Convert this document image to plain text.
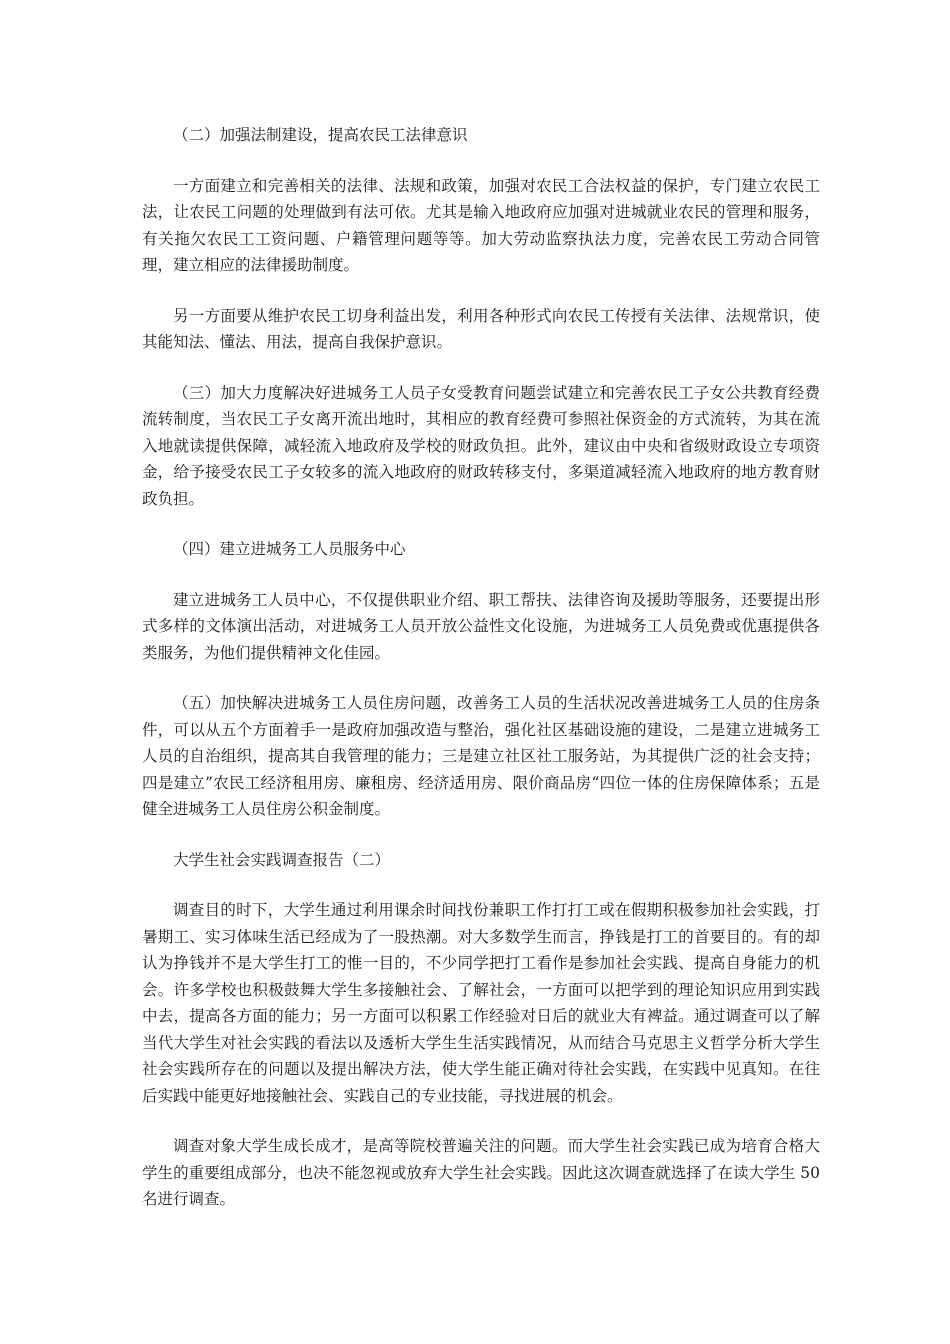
（二）加强法制建设，提高农民工法律意识

一方面建立和完善相关的法律、法规和政策，加强对农民工合法权益的保护，专门建立农民工法，让农民工问题的处理做到有法可依。尤其是输入地政府应加强对进城就业农民的管理和服务，有关拖欠农民工工资问题、户籍管理问题等等。加大劳动监察执法力度，完善农民工劳动合同管理，建立相应的法律援助制度。

另一方面要从维护农民工切身利益出发，利用各种形式向农民工传授有关法律、法规常识，使其能知法、懂法、用法，提高自我保护意识。

（三）加大力度解决好进城务工人员子女受教育问题尝试建立和完善农民工子女公共教育经费流转制度，当农民工子女离开流出地时，其相应的教育经费可参照社保资金的方式流转，为其在流入地就读提供保障，减轻流入地政府及学校的财政负担。此外，建议由中央和省级财政设立专项资金，给予接受农民工子女较多的流入地政府的财政转移支付，多渠道减轻流入地政府的地方教育财政负担。

（四）建立进城务工人员服务中心

建立进城务工人员中心，不仅提供职业介绍、职工帮扶、法律咨询及援助等服务，还要提出形式多样的文体演出活动，对进城务工人员开放公益性文化设施，为进城务工人员免费或优惠提供各类服务，为他们提供精神文化佳园。

（五）加快解决进城务工人员住房问题，改善务工人员的生活状况改善进城务工人员的住房条件，可以从五个方面着手一是政府加强改造与整治，强化社区基础设施的建设，二是建立进城务工人员的自治组织，提高其自我管理的能力；三是建立社区社工服务站，为其提供广泛的社会支持；四是建立”农民工经济租用房、廉租房、经济适用房、限价商品房“四位一体的住房保障体系；五是健全进城务工人员住房公积金制度。

大学生社会实践调查报告（二）

调查目的时下，大学生通过利用课余时间找份兼职工作打打工或在假期积极参加社会实践，打暑期工、实习体味生活已经成为了一股热潮。对大多数学生而言，挣钱是打工的首要目的。有的却认为挣钱并不是大学生打工的惟一目的，不少同学把打工看作是参加社会实践、提高自身能力的机会。许多学校也积极鼓舞大学生多接触社会、了解社会，一方面可以把学到的理论知识应用到实践中去，提高各方面的能力；另一方面可以积累工作经验对日后的就业大有裨益。通过调查可以了解当代大学生对社会实践的看法以及透析大学生生活实践情况，从而结合马克思主义哲学分析大学生社会实践所存在的问题以及提出解决方法，使大学生能正确对待社会实践，在实践中见真知。在往后实践中能更好地接触社会、实践自己的专业技能，寻找进展的机会。

调查对象大学生成长成才，是高等院校普遍关注的问题。而大学生社会实践已成为培育合格大学生的重要组成部分，也决不能忽视或放弃大学生社会实践。因此这次调查就选择了在读大学生 50 名进行调查。
